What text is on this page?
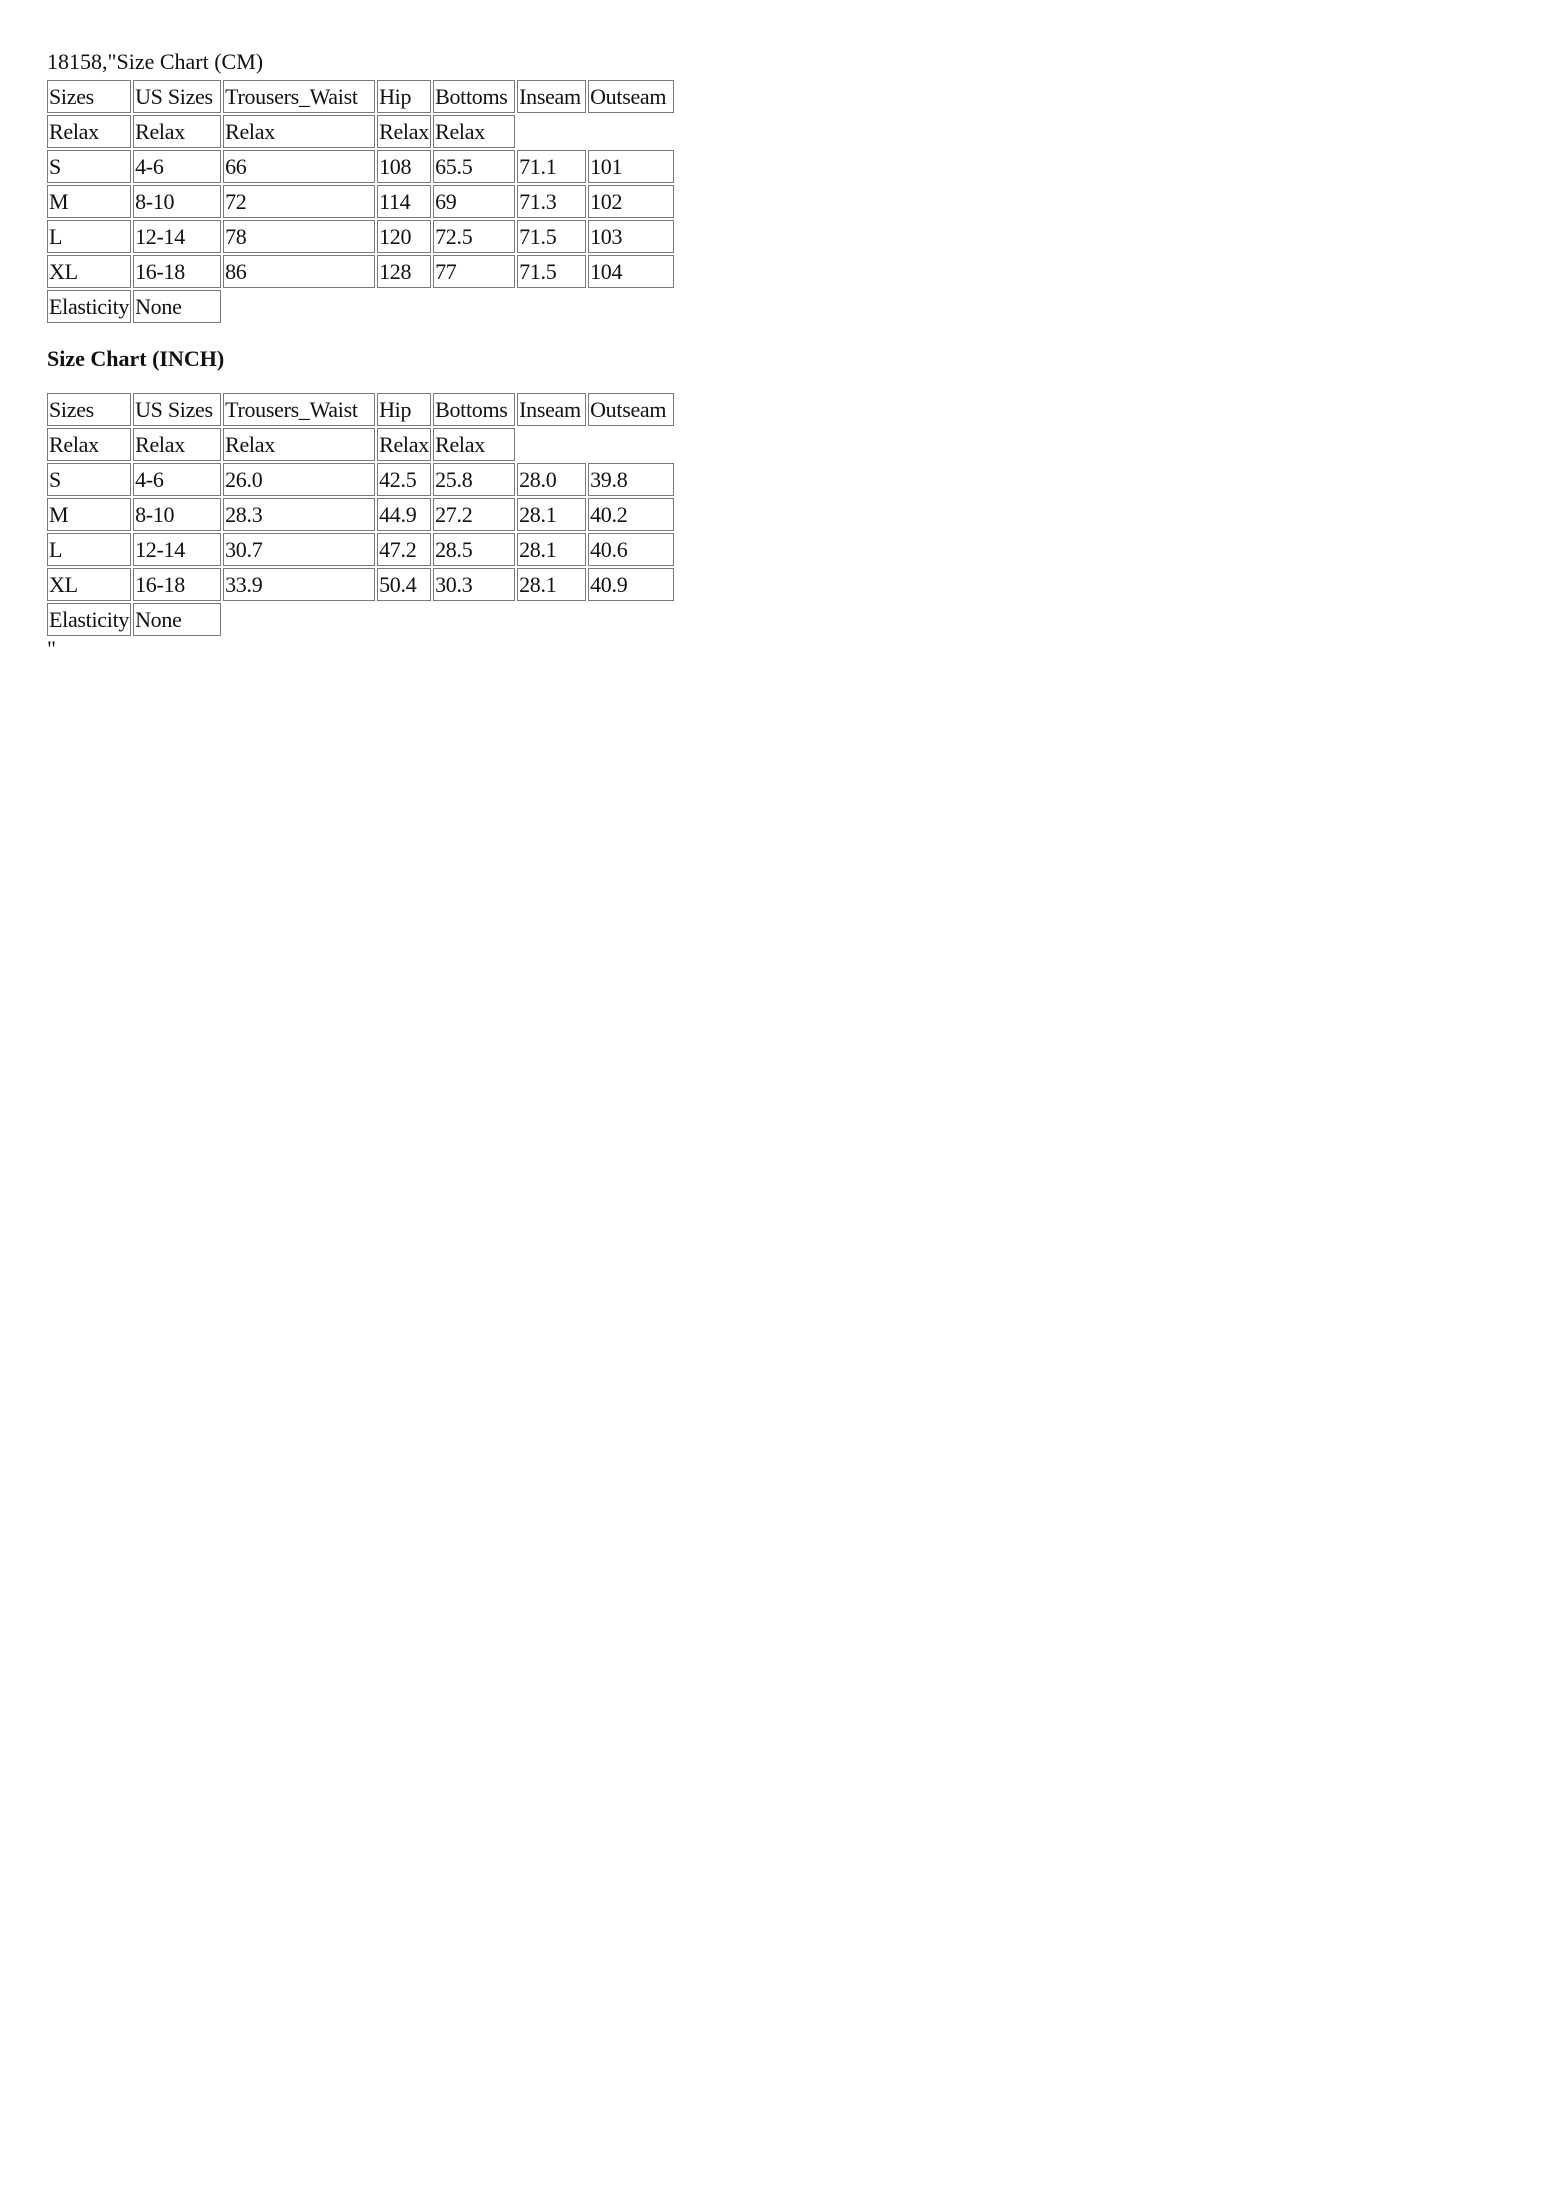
18158,"Size Chart (CM)
Sizes	US Sizes	Trousers_Waist	Hip	Bottoms	Inseam	Outseam
Relax	Relax	Relax	Relax	Relax		
S	4-6	66	108	65.5	71.1	101
M	8-10	72	114	69	71.3	102
L	12-14	78	120	72.5	71.5	103
XL	16-18	86	128	77	71.5	104
Elasticity	None					
Size Chart (INCH)
Sizes	US Sizes	Trousers_Waist	Hip	Bottoms	Inseam	Outseam
Relax	Relax	Relax	Relax	Relax		
S	4-6	26.0	42.5	25.8	28.0	39.8
M	8-10	28.3	44.9	27.2	28.1	40.2
L	12-14	30.7	47.2	28.5	28.1	40.6
XL	16-18	33.9	50.4	30.3	28.1	40.9
Elasticity	None					
"
